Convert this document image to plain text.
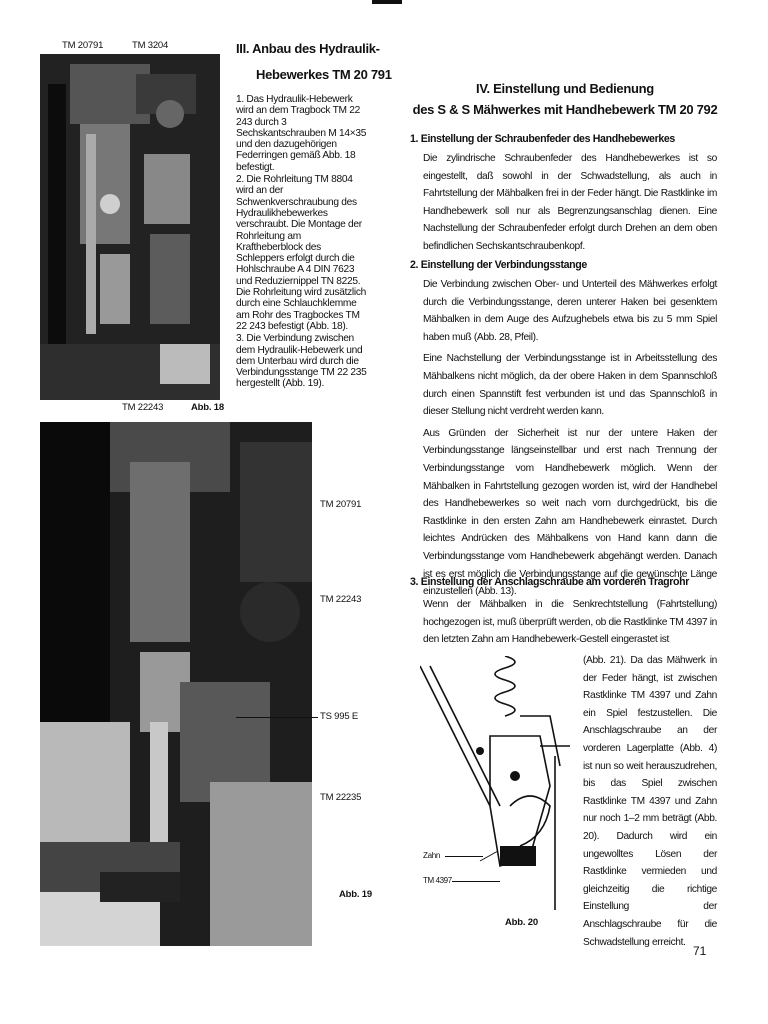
TM 20791	TM 3204
TM 22243	Abb. 18
III. Anbau des Hydraulik-
Hebewerkes TM 20 791

1. Das Hydraulik-Hebewerk wird an dem Tragbock TM 22 243 durch 3 Sechskantschrauben M 14×35 und den dazugehörigen Federringen gemäß Abb. 18 befestigt.

2. Die Rohrleitung TM 8804 wird an der Schwenkverschraubung des Hydraulikhebewerkes verschraubt. Die Montage der Rohrleitung am Kraftheberblock des Schleppers erfolgt durch die Hohlschraube A 4 DIN 7623 und Reduziernippel TN 8225. Die Rohrleitung wird zusätzlich durch eine Schlauchklemme am Rohr des Tragbockes TM 22 243 befestigt (Abb. 18).

3. Die Verbindung zwischen dem Hydraulik-Hebewerk und dem Unterbau wird durch die Verbindungsstange TM 22 235 hergestellt (Abb. 19).

TM 20791
TM 22243
TS 995 E
TM 22235
Abb. 19
IV. Einstellung und Bedienung
des S & S Mähwerkes mit Handhebewerk TM 20 792
1. Einstellung der Schraubenfeder des Handhebewerkes

Die zylindrische Schraubenfeder des Handhebewerkes ist so eingestellt, daß sowohl in der Schwadstellung, als auch in Fahrtstellung der Mähbalken frei in der Feder hängt. Die Rastklinke im Handhebewerk soll nur als Begrenzungsanschlag dienen. Eine Nachstellung der Schraubenfeder erfolgt durch Drehen an dem oben befindlichen Sechskantschraubenkopf.

2. Einstellung der Verbindungsstange

Die Verbindung zwischen Ober- und Unterteil des Mähwerkes erfolgt durch die Verbindungsstange, deren unterer Haken bei gesenktem Mähbalken in dem Auge des Aufzughebels etwa bis zu 5 mm Spiel haben muß (Abb. 28, Pfeil).

Eine Nachstellung der Verbindungsstange ist in Arbeitsstellung des Mähbalkens nicht möglich, da der obere Haken in dem Spannschloß durch einen Spannstift fest verbunden ist und das Spannschloß in dieser Stellung nicht verdreht werden kann.

Aus Gründen der Sicherheit ist nur der untere Haken der Verbindungsstange längseinstellbar und erst nach Trennung der Verbindungsstange vom Handhebewerk möglich. Wenn der Mähbalken in Fahrtstellung gezogen worden ist, wird der Handhebel des Handhebewerkes so weit nach vorn durchgedrückt, bis die Rastklinke in den ersten Zahn am Handhebewerk einrastet. Durch leichtes Andrücken des Mähbalkens von Hand kann dann die Verbindungsstange vom Handhebewerk abgehängt werden. Danach ist es erst möglich die Verbindungsstange auf die gewünschte Länge einzustellen (Abb. 13).

3. Einstellung der Anschlagschraube am vorderen Tragrohr

Wenn der Mähbalken in die Senkrechtstellung (Fahrtstellung) hochgezogen ist, muß überprüft werden, ob die Rastklinke TM 4397 in den letzten Zahn am Handhebewerk-Gestell eingerastet ist

(Abb. 21). Da das Mähwerk in der Feder hängt, ist zwischen Rastklinke TM 4397 und Zahn ein Spiel festzustellen. Die Anschlagschraube an der vorderen Lagerplatte (Abb. 4) ist nun so weit herauszudrehen, bis das Spiel zwischen Rastklinke TM 4397 und Zahn nur noch 1–2 mm beträgt (Abb. 20). Dadurch wird ein ungewolltes Lösen der Rastklinke vermieden und gleichzeitig die richtige Einstellung der Anschlagschraube für die Schwadstellung erreicht.

Zahn
TM 4397
Abb. 20
71
